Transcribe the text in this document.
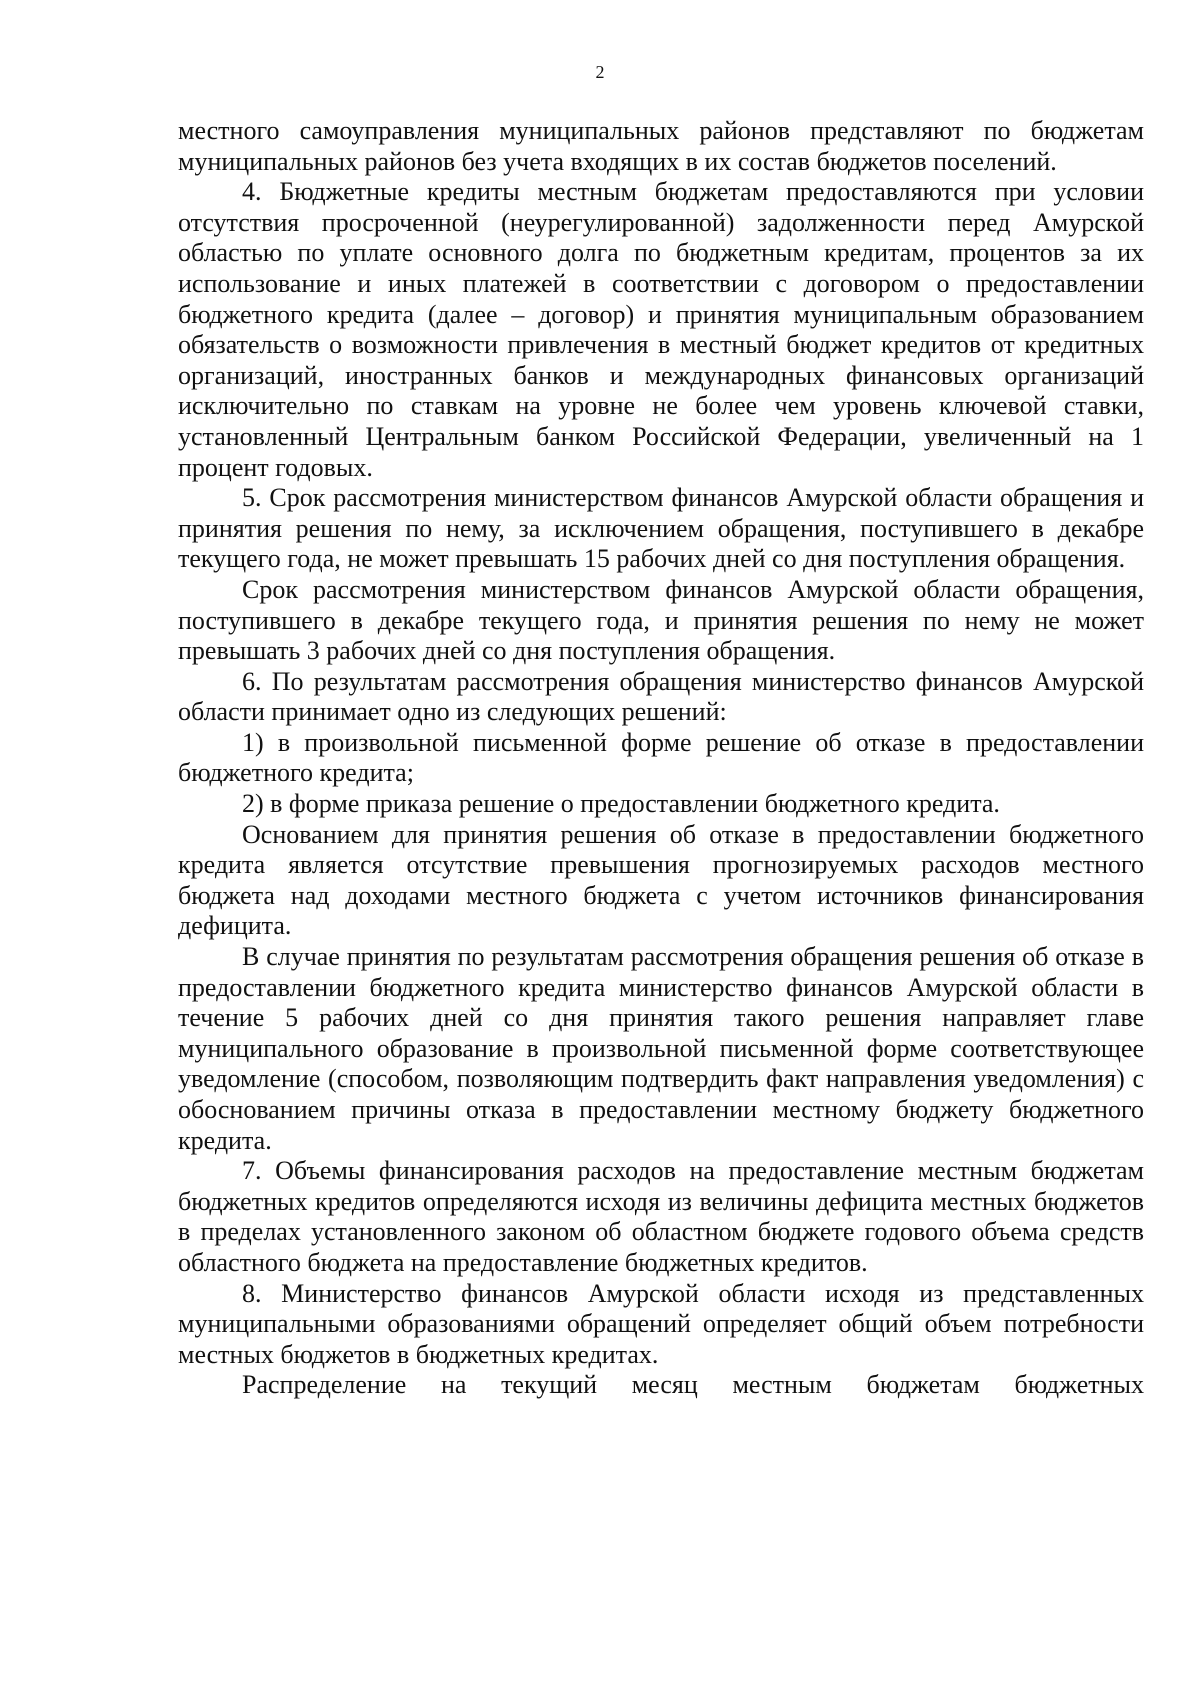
2

местного самоуправления муниципальных районов представляют по бюджетам муниципальных районов без учета входящих в их состав бюджетов поселений.

4. Бюджетные кредиты местным бюджетам предоставляются при условии отсутствия просроченной (неурегулированной) задолженности перед Амурской областью по уплате основного долга по бюджетным кредитам, процентов за их использование и иных платежей в соответствии с договором о предоставлении бюджетного кредита (далее – договор) и принятия муниципальным образованием обязательств о возможности привлечения в местный бюджет кредитов от кредитных организаций, иностранных банков и международных финансовых организаций исключительно по ставкам на уровне не более чем уровень ключевой ставки, установленный Центральным банком Российской Федерации, увеличенный на 1 процент годовых.

5. Срок рассмотрения министерством финансов Амурской области обращения и принятия решения по нему, за исключением обращения, поступившего в декабре текущего года, не может превышать 15 рабочих дней со дня поступления обращения.

Срок рассмотрения министерством финансов Амурской области обращения, поступившего в декабре текущего года, и принятия решения по нему не может превышать 3 рабочих дней со дня поступления обращения.

6. По результатам рассмотрения обращения министерство финансов Амурской области принимает одно из следующих решений:

1) в произвольной письменной форме решение об отказе в предоставлении бюджетного кредита;

2) в форме приказа решение о предоставлении бюджетного кредита.

Основанием для принятия решения об отказе в предоставлении бюджетного кредита является отсутствие превышения прогнозируемых расходов местного бюджета над доходами местного бюджета с учетом источников финансирования дефицита.

В случае принятия по результатам рассмотрения обращения решения об отказе в предоставлении бюджетного кредита министерство финансов Амурской области в течение 5 рабочих дней со дня принятия такого решения направляет главе муниципального образование в произвольной письменной форме соответствующее уведомление (способом, позволяющим подтвердить факт направления уведомления) с обоснованием причины отказа в предоставлении местному бюджету бюджетного кредита.

7. Объемы финансирования расходов на предоставление местным бюджетам бюджетных кредитов определяются исходя из величины дефицита местных бюджетов в пределах установленного законом об областном бюджете годового объема средств областного бюджета на предоставление бюджетных кредитов.

8. Министерство финансов Амурской области исходя из представленных муниципальными образованиями обращений определяет общий объем потребности местных бюджетов в бюджетных кредитах.

Распределение на текущий месяц местным бюджетам бюджетных
